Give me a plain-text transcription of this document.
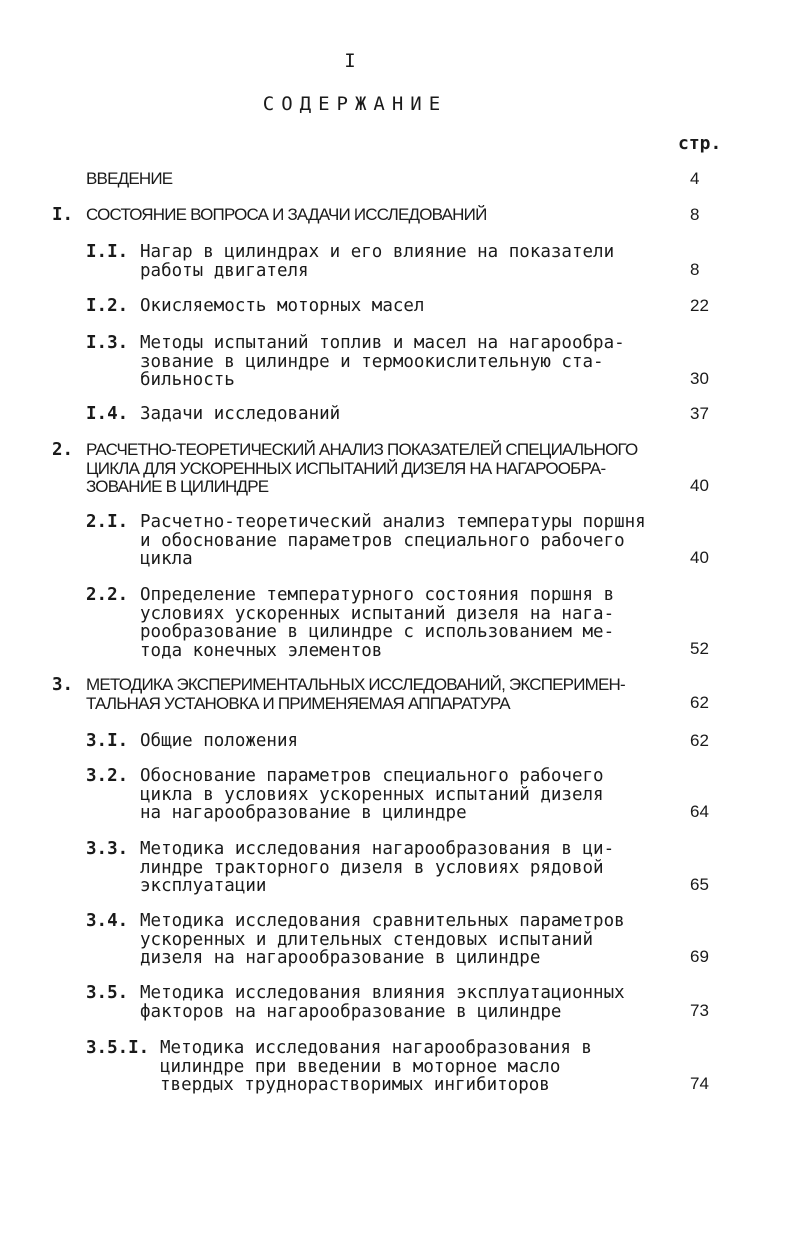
I
СОДЕРЖАНИЕ
стр.
ВВЕДЕНИЕ	4
I. СОСТОЯНИЕ ВОПРОСА И ЗАДАЧИ ИССЛЕДОВАНИЙ	8
I.I. Нагар в цилиндрах и его влияние на показатели
работы двигателя	8
I.2. Окисляемость моторных масел	22
I.3. Методы испытаний топлив и масел на нагарообра-
зование в цилиндре и термоокислительную ста-
бильность	30
I.4. Задачи исследований	37
2. РАСЧЕТНО-ТЕОРЕТИЧЕСКИЙ АНАЛИЗ ПОКАЗАТЕЛЕЙ СПЕЦИАЛЬНОГО
ЦИКЛА ДЛЯ УСКОРЕННЫХ ИСПЫТАНИЙ ДИЗЕЛЯ НА НАГАРООБРА-
ЗОВАНИЕ В ЦИЛИНДРЕ	40
2.I. Расчетно-теоретический анализ температуры поршня
и обоснование параметров специального рабочего
цикла	40
2.2. Определение температурного состояния поршня в
условиях ускоренных испытаний дизеля на нага-
рообразование в цилиндре с использованием ме-
тода конечных элементов	52
3. МЕТОДИКА ЭКСПЕРИМЕНТАЛЬНЫХ ИССЛЕДОВАНИЙ, ЭКСПЕРИМЕН-
ТАЛЬНАЯ УСТАНОВКА И ПРИМЕНЯЕМАЯ АППАРАТУРА	62
3.I. Общие положения	62
3.2. Обоснование параметров специального рабочего
цикла в условиях ускоренных испытаний дизеля
на нагарообразование в цилиндре	64
3.3. Методика исследования нагарообразования в ци-
линдре тракторного дизеля в условиях рядовой
эксплуатации	65
3.4. Методика исследования сравнительных параметров
ускоренных и длительных стендовых испытаний
дизеля на нагарообразование в цилиндре	69
3.5. Методика исследования влияния эксплуатационных
факторов на нагарообразование в цилиндре	73
3.5.I. Методика исследования нагарообразования в
цилиндре при введении в моторное масло
твердых труднорастворимых ингибиторов	74
